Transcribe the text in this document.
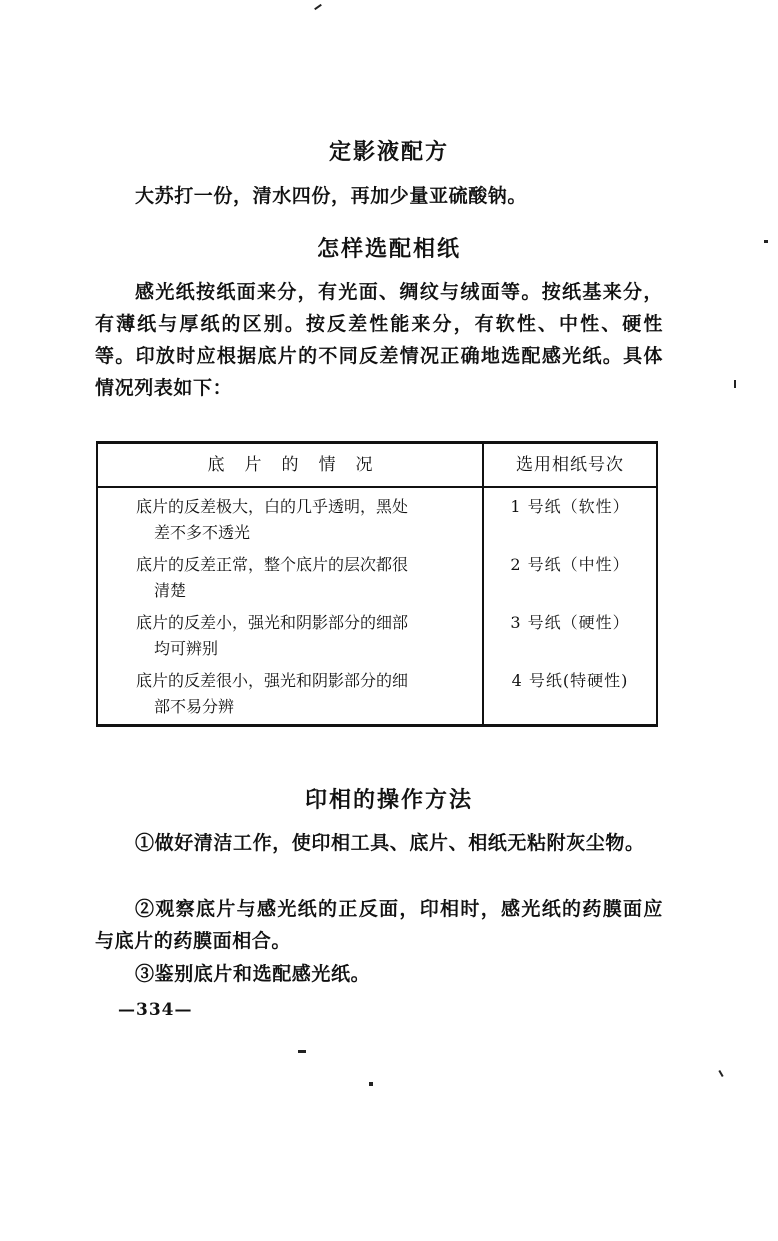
定影液配方
大苏打一份，清水四份，再加少量亚硫酸钠。
怎样选配相纸
感光纸按纸面来分，有光面、绸纹与绒面等。按纸基来分，有薄纸与厚纸的区别。按反差性能来分，有软性、中性、硬性等。印放时应根据底片的不同反差情况正确地选配感光纸。具体情况列表如下：
底片的情况	选用相纸号次
底片的反差极大，白的几乎透明，黑处
差不多不透光
1 号纸（软性）
底片的反差正常，整个底片的层次都很
清楚
2 号纸（中性）
底片的反差小，强光和阴影部分的细部
均可辨别
3 号纸（硬性）
底片的反差很小，强光和阴影部分的细
部不易分辨
4 号纸(特硬性)
印相的操作方法
①做好清洁工作，使印相工具、底片、相纸无粘附灰尘物。
②观察底片与感光纸的正反面，印相时，感光纸的药膜面应与底片的药膜面相合。
③鉴别底片和选配感光纸。
—334—
